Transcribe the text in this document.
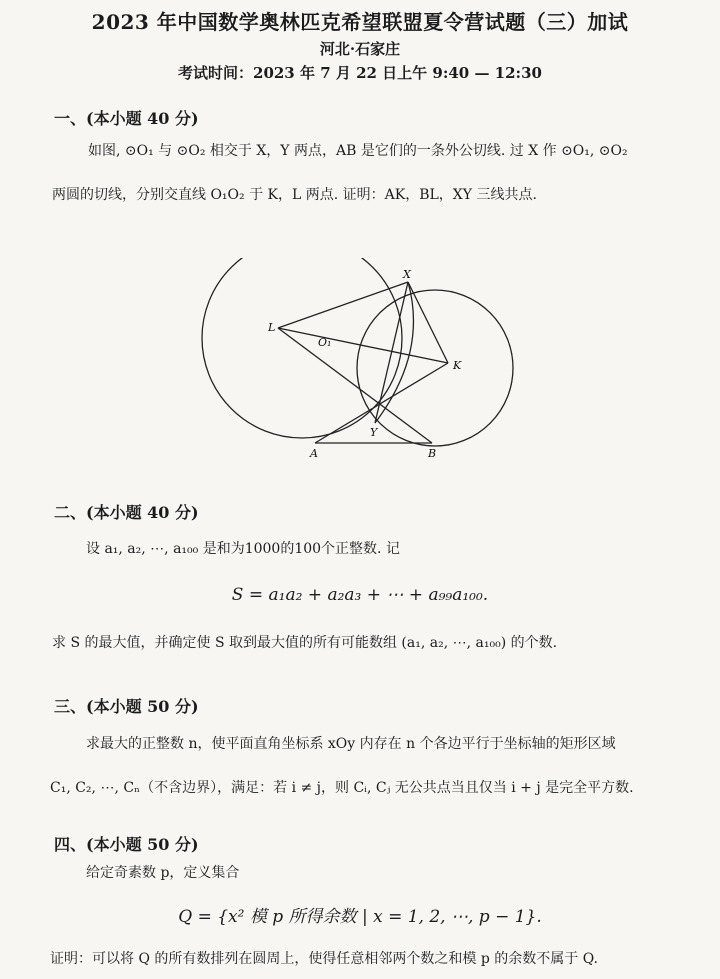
2023 年中国数学奥林匹克希望联盟夏令营试题（三）加试
河北·石家庄
考试时间：2023 年 7 月 22 日上午 9:40 — 12:30
一、(本小题 40 分)
如图, ⊙O₁ 与 ⊙O₂ 相交于 X，Y 两点，AB 是它们的一条外公切线. 过 X 作 ⊙O₁, ⊙O₂
两圆的切线，分别交直线 O₁O₂ 于 K，L 两点. 证明：AK，BL，XY 三线共点.
X
L
O₁
K
Y
A	B
二、(本小题 40 分)
设 a₁, a₂, ⋯, a₁₀₀ 是和为1000的100个正整数. 记
S = a₁a₂ + a₂a₃ + ⋯ + a₉₉a₁₀₀.
求 S 的最大值，并确定使 S 取到最大值的所有可能数组 (a₁, a₂, ⋯, a₁₀₀) 的个数.
三、(本小题 50 分)
求最大的正整数 n，使平面直角坐标系 xOy 内存在 n 个各边平行于坐标轴的矩形区域
C₁, C₂, ⋯, Cₙ（不含边界），满足：若 i ≠ j，则 Cᵢ, Cⱼ 无公共点当且仅当 i + j 是完全平方数.
四、(本小题 50 分)
给定奇素数 p，定义集合
Q = {x² 模 p 所得余数 | x = 1, 2, ⋯, p − 1}.
证明：可以将 Q 的所有数排列在圆周上，使得任意相邻两个数之和模 p 的余数不属于 Q.
